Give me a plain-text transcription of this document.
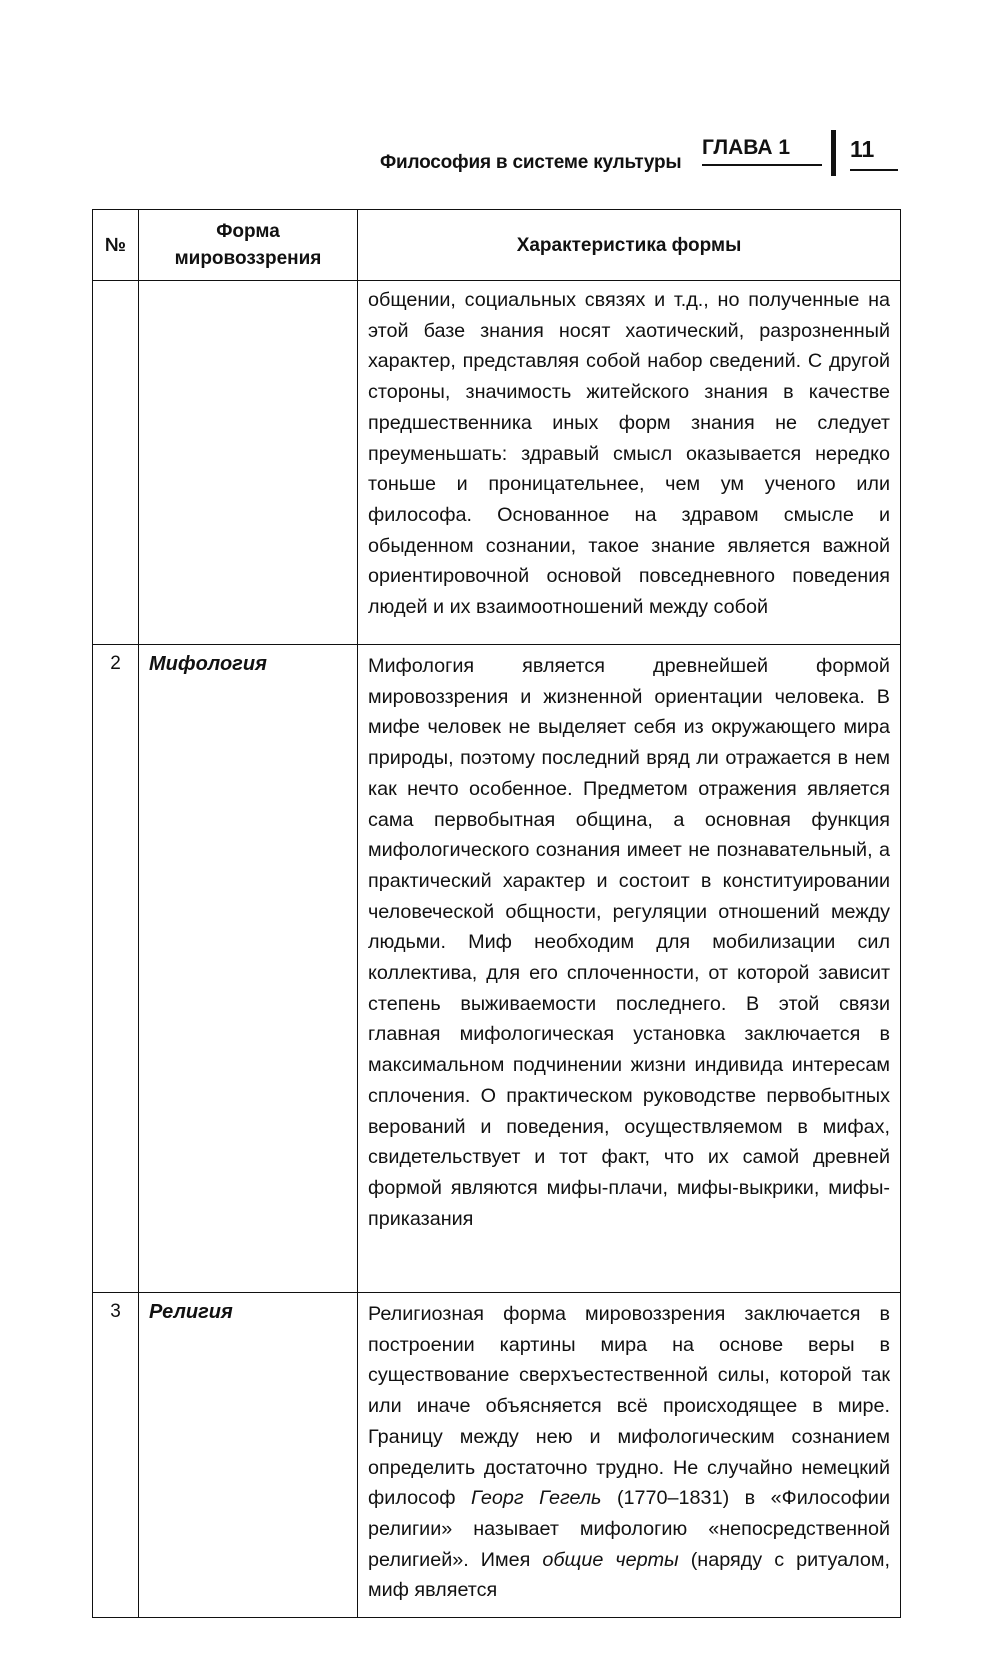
Философия в системе культуры
ГЛАВА 1	11
№	Форма мировоззрения	Характеристика формы

		общении, социальных связях и т.д., но полученные на этой базе знания носят хаотический, разрозненный характер, представляя собой набор сведений. С другой стороны, значимость житейского знания в качестве предшественника иных форм знания не следует преуменьшать: здравый смысл оказывается нередко тоньше и проницательнее, чем ум ученого или философа. Основанное на здравом смысле и обыденном сознании, такое знание является важной ориентировочной основой повседневного поведения людей и их взаимоотношений между собой

2	Мифология	Мифология является древнейшей формой мировоззрения и жизненной ориентации человека. В мифе человек не выделяет себя из окружающего мира природы, поэтому последний вряд ли отражается в нем как нечто особенное. Предметом отражения является сама первобытная община, а основная функция мифологического сознания имеет не познавательный, а практический характер и состоит в конституировании человеческой общности, регуляции отношений между людьми. Миф необходим для мобилизации сил коллектива, для его сплоченности, от которой зависит степень выживаемости последнего. В этой связи главная мифологическая установка заключается в максимальном подчинении жизни индивида интересам сплочения. О практическом руководстве первобытных верований и поведения, осуществляемом в мифах, свидетельствует и тот факт, что их самой древней формой являются мифы-плачи, мифы-выкрики, мифы-приказания

3	Религия	Религиозная форма мировоззрения заключается в построении картины мира на основе веры в существование сверхъестественной силы, которой так или иначе объясняется всё происходящее в мире. Границу между нею и мифологическим сознанием определить достаточно трудно. Не случайно немецкий философ Георг Гегель (1770–1831) в «Философии религии» называет мифологию «непосредственной религией». Имея общие черты (наряду с ритуалом, миф является
